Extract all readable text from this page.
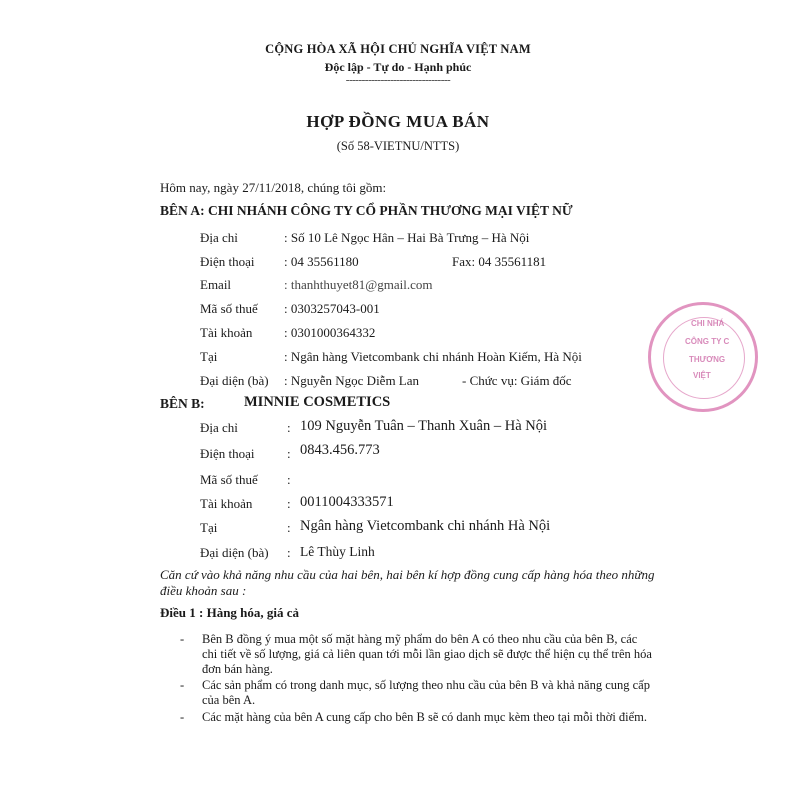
CỘNG HÒA XÃ HỘI CHỦ NGHĨA VIỆT NAM
Độc lập - Tự do - Hạnh phúc
---------------------------------
HỢP ĐỒNG MUA BÁN
(Số 58-VIETNU/NTTS)
Hôm nay, ngày 27/11/2018, chúng tôi gồm:
BÊN A: CHI NHÁNH CÔNG TY CỔ PHẦN THƯƠNG MẠI VIỆT NỮ
Địa chỉ	: Số 10 Lê Ngọc Hân – Hai Bà Trưng – Hà Nội
Điện thoại : 04 35561180	Fax: 04 35561181
Email	: thanhthuyet81@gmail.com
Mã số thuế : 0303257043-001
Tài khoản : 0301000364332
Tại	: Ngân hàng Vietcombank chi nhánh Hoàn Kiếm, Hà Nội
Đại diện (bà) : Nguyễn Ngọc Diễm Lan	- Chức vụ: Giám đốc
CHI NHÁ
CÔNG TY C
THƯƠNG
VIỆT
BÊN B:	MINNIE COSMETICS
Địa chỉ	: 109 Nguyễn Tuân – Thanh Xuân – Hà Nội
Điện thoại : 0843.456.773
Mã số thuế :
Tài khoản	: 0011004333571
Tại	: Ngân hàng Vietcombank chi nhánh Hà Nội
Đại diện (bà) : Lê Thùy Linh
Căn cứ vào khả năng nhu cầu của hai bên, hai bên kí hợp đồng cung cấp hàng hóa theo những
điều khoản sau :
Điều 1 : Hàng hóa, giá cả
- Bên B đồng ý mua một số mặt hàng mỹ phẩm do bên A có theo nhu cầu của bên B, các
chi tiết về số lượng, giá cả liên quan tới mỗi lần giao dịch sẽ được thể hiện cụ thể trên hóa
đơn bán hàng.
- Các sản phẩm có trong danh mục, số lượng theo nhu cầu của bên B và khả năng cung cấp
của bên A.
- Các mặt hàng của bên A cung cấp cho bên B sẽ có danh mục kèm theo tại mỗi thời điểm.
